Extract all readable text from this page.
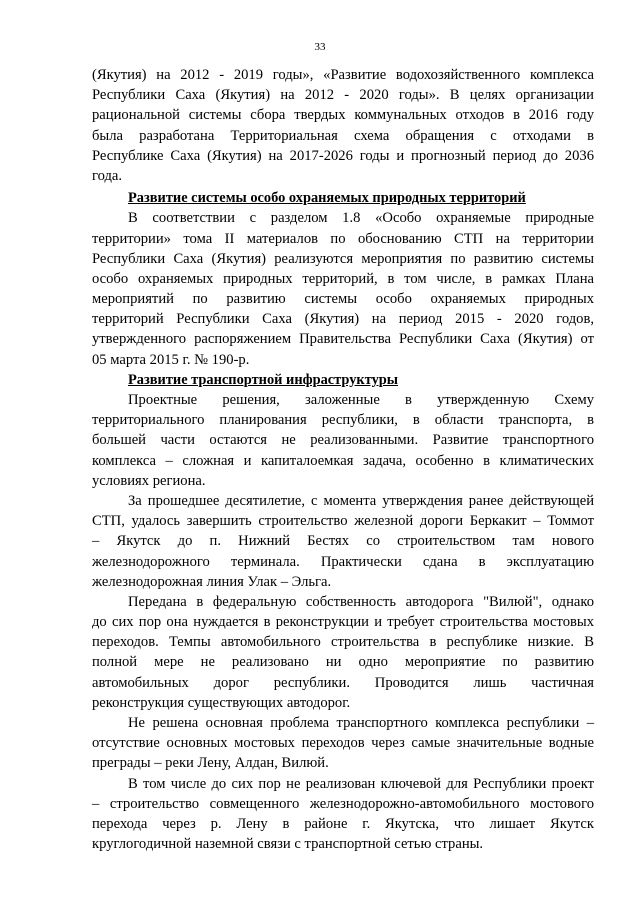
33
(Якутия) на 2012 - 2019 годы», «Развитие водохозяйственного комплекса
Республики Саха (Якутия) на 2012 - 2020 годы». В целях организации
рациональной системы сбора твердых коммунальных отходов в 2016 году
была разработана Территориальная схема обращения с отходами в
Республике Саха (Якутия) на 2017-2026 годы и прогнозный период до 2036
года.
Развитие системы особо охраняемых природных территорий
В соответствии с разделом 1.8 «Особо охраняемые природные
территории» тома II материалов по обоснованию СТП на территории
Республики Саха (Якутия) реализуются мероприятия по развитию системы
особо охраняемых природных территорий, в том числе, в рамках Плана
мероприятий по развитию системы особо охраняемых природных
территорий Республики Саха (Якутия) на период 2015 - 2020 годов,
утвержденного распоряжением Правительства Республики Саха (Якутия) от
05 марта 2015 г. № 190-р.
Развитие транспортной инфраструктуры
Проектные решения, заложенные в утвержденную Схему
территориального планирования республики, в области транспорта, в
большей части остаются не реализованными. Развитие транспортного
комплекса – сложная и капиталоемкая задача, особенно в климатических
условиях региона.
За прошедшее десятилетие, с момента утверждения ранее действующей
СТП, удалось завершить строительство железной дороги Беркакит – Томмот
– Якутск до п. Нижний Бестях со строительством там нового
железнодорожного терминала. Практически сдана в эксплуатацию
железнодорожная линия Улак – Эльга.
Передана в федеральную собственность автодорога "Вилюй", однако
до сих пор она нуждается в реконструкции и требует строительства мостовых
переходов. Темпы автомобильного строительства в республике низкие. В
полной мере не реализовано ни одно мероприятие по развитию
автомобильных дорог республики. Проводится лишь частичная
реконструкция существующих автодорог.
Не решена основная проблема транспортного комплекса республики –
отсутствие основных мостовых переходов через самые значительные водные
преграды – реки Лену, Алдан, Вилюй.
В том числе до сих пор не реализован ключевой для Республики проект
– строительство совмещенного железнодорожно-автомобильного мостового
перехода через р. Лену в районе г. Якутска, что лишает Якутск
круглогодичной наземной связи с транспортной сетью страны.
